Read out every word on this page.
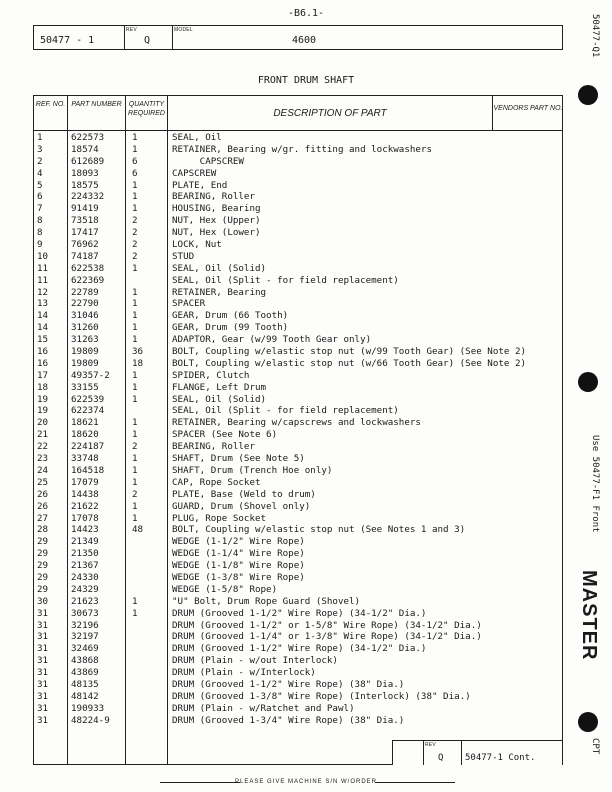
-B6.1-
50477 - 1
REV
Q
MODEL
4600
FRONT DRUM SHAFT
REF. NO. PART NUMBER	QUANTITY REQUIRED	DESCRIPTION OF PART	VENDORS PART NO.
1	622573	1	SEAL, Oil
3	18574	1	RETAINER, Bearing w/gr. fitting and lockwashers
2	612689	6	CAPSCREW
4	18093	6	CAPSCREW
5	18575	1	PLATE, End
6	224332	1	BEARING, Roller
7	91419	1	HOUSING, Bearing
8	73518	2	NUT, Hex (Upper)
8	17417	2	NUT, Hex (Lower)
9	76962	2	LOCK, Nut
10 74187	2	STUD
11 622538	1	SEAL, Oil (Solid)
11 622369	SEAL, Oil (Split - for field replacement)
12 22789	1	RETAINER, Bearing
13 22790	1	SPACER
14 31046	1	GEAR, Drum (66 Tooth)
14 31260	1	GEAR, Drum (99 Tooth)
15 31263	1	ADAPTOR, Gear (w/99 Tooth Gear only)
16 19809	36	BOLT, Coupling w/elastic stop nut (w/99 Tooth Gear) (See Note 2)
16 19809	18	BOLT, Coupling w/elastic stop nut (w/66 Tooth Gear) (See Note 2)
17 49357-2 1	SPIDER, Clutch
18 33155	1	FLANGE, Left Drum
19 622539	1	SEAL, Oil (Solid)
19 622374	SEAL, Oil (Split - for field replacement)
20 18621	1	RETAINER, Bearing w/capscrews and lockwashers
21 18620	1	SPACER (See Note 6)
22 224187	2	BEARING, Roller
23 33748	1	SHAFT, Drum (See Note 5)
24 164518	1	SHAFT, Drum (Trench Hoe only)
25 17079	1	CAP, Rope Socket
26 14438	2	PLATE, Base (Weld to drum)
26 21622	1	GUARD, Drum (Shovel only)
27 17078	1	PLUG, Rope Socket
28 14423	48	BOLT, Coupling w/elastic stop nut (See Notes 1 and 3)
29 21349	WEDGE (1-1/2" Wire Rope)
29 21350	WEDGE (1-1/4" Wire Rope)
29 21367	WEDGE (1-1/8" Wire Rope)
29 24330	WEDGE (1-3/8" Wire Rope)
29 24329	WEDGE (1-5/8" Rope)
30 21623	1	"U" Bolt, Drum Rope Guard (Shovel)
31 30673	1	DRUM (Grooved 1-1/2" Wire Rope) (34-1/2" Dia.)
31 32196	DRUM (Grooved 1-1/2" or 1-5/8" Wire Rope) (34-1/2" Dia.)
31 32197	DRUM (Grooved 1-1/4" or 1-3/8" Wire Rope) (34-1/2" Dia.)
31 32469	DRUM (Grooved 1-1/2" Wire Rope) (34-1/2" Dia.)
31 43868	DRUM (Plain - w/out Interlock)
31 43869	DRUM (Plain - w/Interlock)
31 48135	DRUM (Grooved 1-1/2" Wire Rope) (38" Dia.)
31 48142	DRUM (Grooved 1-3/8" Wire Rope) (Interlock) (38" Dia.)
31 190933	DRUM (Plain - w/Ratchet and Pawl)
31 48224-9	DRUM (Grooved 1-3/4" Wire Rope) (38" Dia.)
REV
Q 50477-1 Cont.
PLEASE GIVE MACHINE S/N W/ORDER
50477-Q1
Use 50477-F1 Front
MASTER
CPT
